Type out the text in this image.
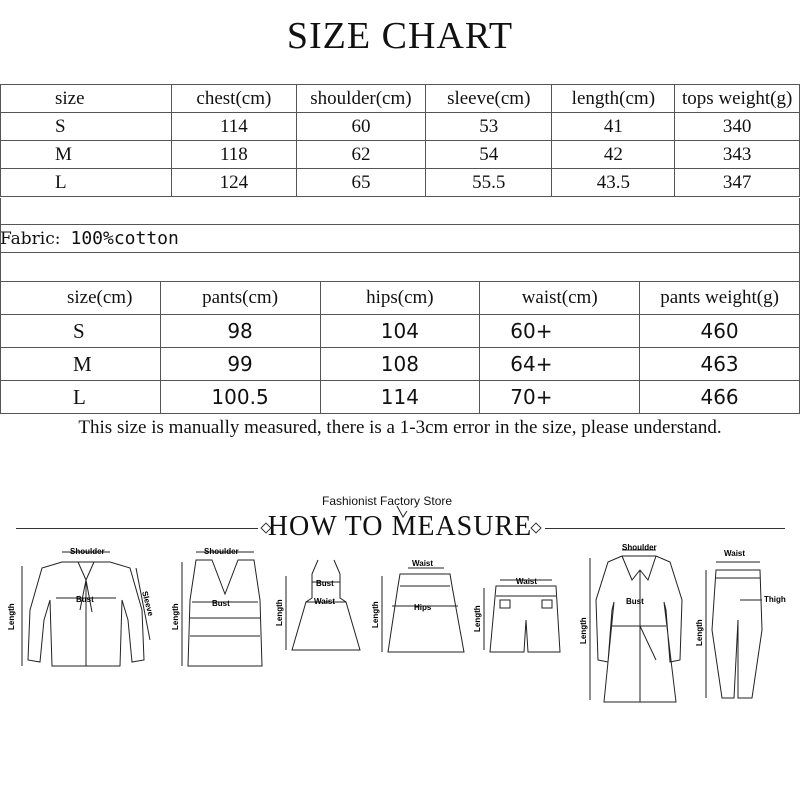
SIZE CHART
size	chest(cm)	shoulder(cm)	sleeve(cm)	length(cm)	tops weight(g)
S	114	60	53	41	340
M	118	62	54	42	343
L	124	65	55.5	43.5	347
Fabric: 100%cotton
size(cm)	pants(cm)	hips(cm)	waist(cm)	pants weight(g)
S	98	104	60+	460
M	99	108	64+	463
L	100.5	114	70+	466
This size is manually measured, there is a 1-3cm error in the size, please understand.
Fashionist Factory Store
HOW TO MEASURE
Shoulder
Bust
Length	Sleeve
Shoulder
Bust
Length
Bust
Waist
Length
Waist
Hips
Length
Waist
Length
Shoulder
Bust
Length
Waist
Thigh
Length
